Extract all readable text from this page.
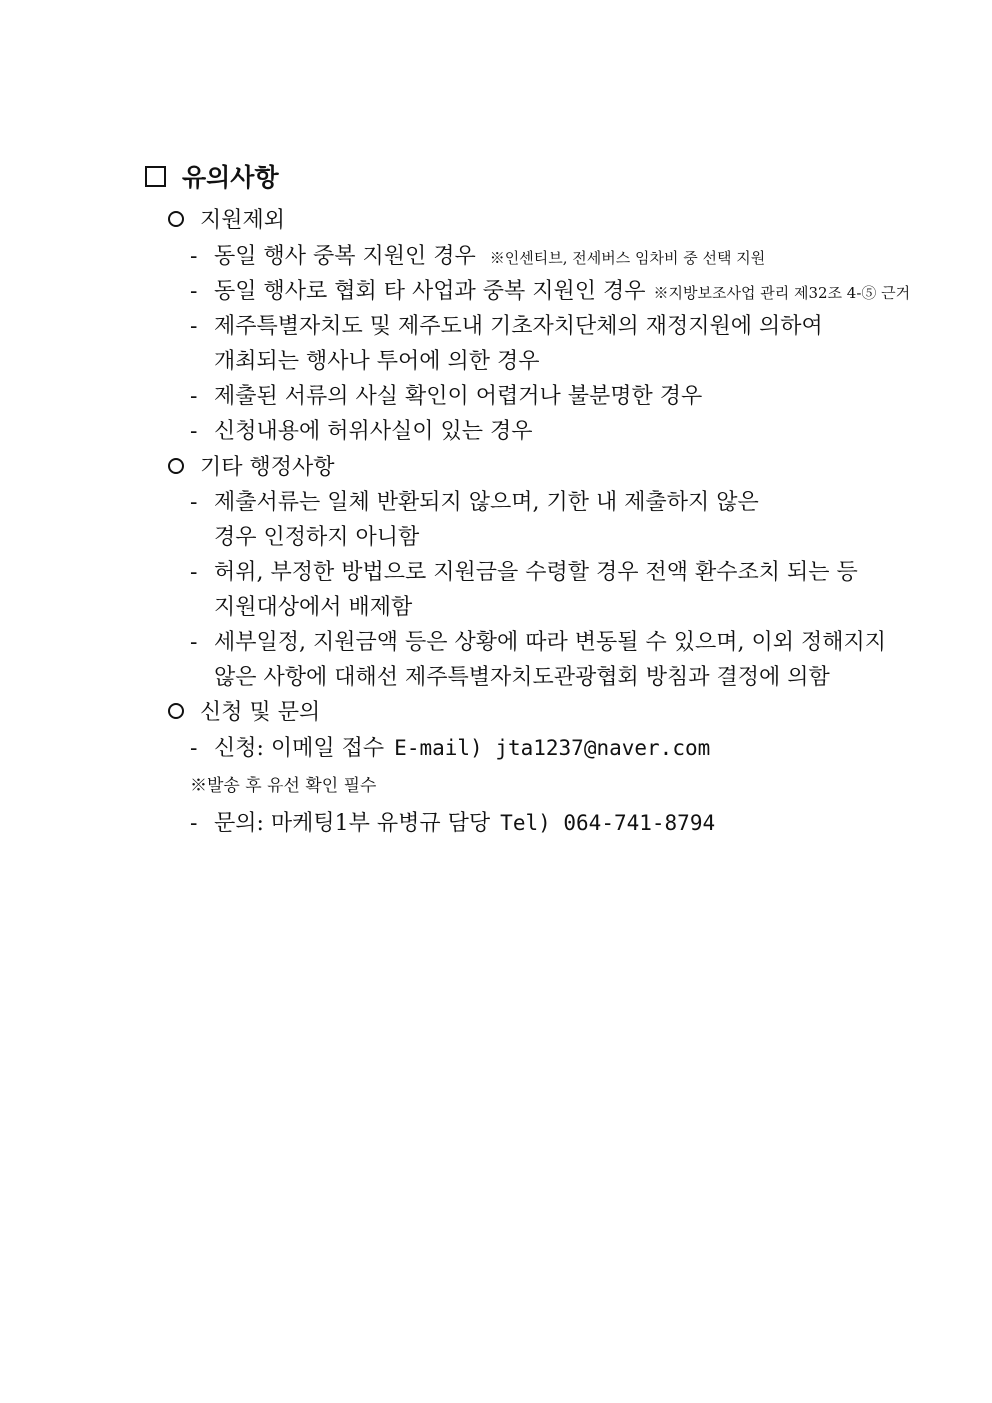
유의사항
지원제외
- 동일 행사 중복 지원인 경우 ※인센티브, 전세버스 임차비 중 선택 지원
- 동일 행사로 협회 타 사업과 중복 지원인 경우 ※지방보조사업 관리 제32조 4-⑤ 근거
- 제주특별자치도 및 제주도내 기초자치단체의 재정지원에 의하여
개최되는 행사나 투어에 의한 경우
- 제출된 서류의 사실 확인이 어렵거나 불분명한 경우
- 신청내용에 허위사실이 있는 경우
기타 행정사항
- 제출서류는 일체 반환되지 않으며, 기한 내 제출하지 않은
경우 인정하지 아니함
- 허위, 부정한 방법으로 지원금을 수령할 경우 전액 환수조치 되는 등
지원대상에서 배제함
- 세부일정, 지원금액 등은 상황에 따라 변동될 수 있으며, 이외 정해지지
않은 사항에 대해선 제주특별자치도관광협회 방침과 결정에 의함
신청 및 문의
- 신청: 이메일 접수 E-mail) jta1237@naver.com
※발송 후 유선 확인 필수
- 문의: 마케팅1부 유병규 담당 Tel) 064-741-8794
